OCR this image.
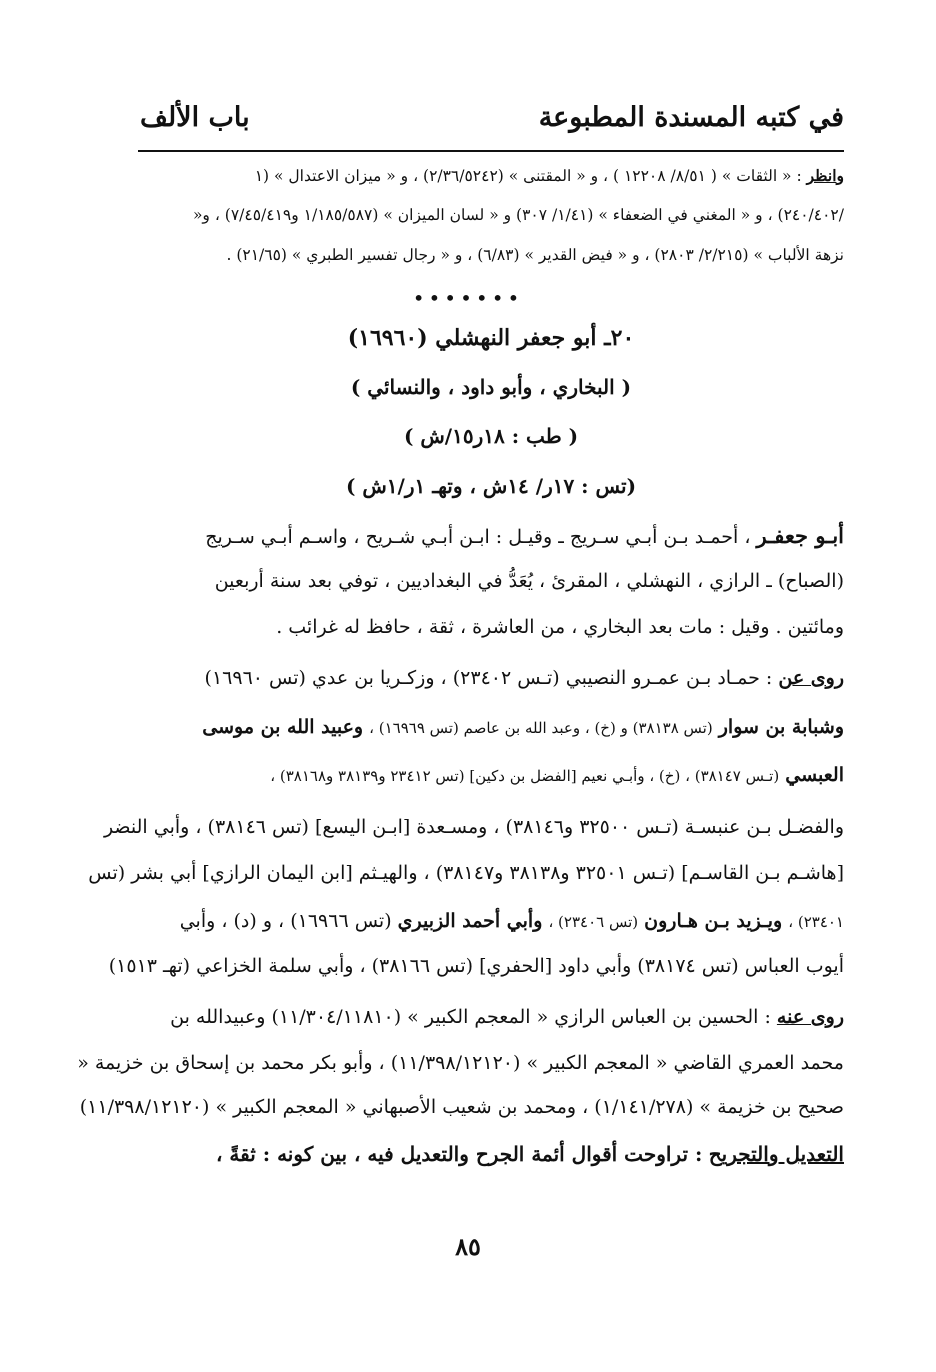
في كتبه المسندة المطبوعة
باب الألف
وانظر : « الثقات » ( ٨/٥١/ ١٢٢٠٨ ) ، و « المقتنى » (٢/٣٦/٥٢٤٢) ، و « ميزان الاعتدال » (١
/٢٤٠/٤٠٢) ، و « المغني في الضعفاء » (١/٤١/ ٣٠٧) و « لسان الميزان » (١/١٨٥/٥٨٧ و٧/٤٥/٤١٩) ، و«
نزهة الألباب » (٢/٢١٥/ ٢٨٠٣) ، و « فيض القدير » (٦/٨٣) ، و « رجال تفسير الطبري » (٢١/٦٥) .
•••••••
٢٠ـ أبو جعفر النهشلي (١٦٩٦٠)
( البخاري ، وأبو داود ، والنسائي )
( طب : ١٨ر١٥/ش )
(تس : ١٧ر/ ١٤ش ، وتهـ ١ر/١ش )
أبـو جعفـر ، أحمـد بـن أبـي سـريج ـ وقيـل : ابـن أبـي شـريح ، واسـم أبـي سـريج
(الصباح) ـ الرازي ، النهشلي ، المقرئ ، يُعَدُّ في البغداديين ، توفي بعد سنة أربعين
ومائتين . وقيل : مات بعد البخاري ، من العاشرة ، ثقة ، حافظ له غرائب .
روى عن : حمـاد بـن عمـرو النصيبي (تـس ٢٣٤٠٢) ، وزكـريا بن عدي (تس ١٦٩٦٠)
وشبابة بن سوار (تس ٣٨١٣٨) و (خ) ، وعبد الله بن عاصم (تس ١٦٩٦٩) ، وعبيد الله بن موسى
العبسي (تـس ٣٨١٤٧) ، (خ) ، وأبـي نعيم [الفضل بن دكين] (تس ٢٣٤١٢ و٣٨١٣٩ و٣٨١٦٨) ،
والفضـل بـن عنبسـة (تـس ٣٢٥٠٠ و٣٨١٤٦) ، ومسـعدة [ابـن اليسع] (تس ٣٨١٤٦) ، وأبي النضر
[هاشـم بـن القاسـم] (تـس ٣٢٥٠١ و٣٨١٣٨ و٣٨١٤٧) ، والهيـثم [ابن اليمان الرازي] أبي بشر (تس
٢٣٤٠١) ، ويـزيد بـن هـارون (تس ٢٣٤٠٦) ، وأبي أحمد الزبيري (تس ١٦٩٦٦) ، و (د) ، وأبي
أيوب العباس (تس ٣٨١٧٤) وأبي داود [الحفري] (تس ٣٨١٦٦) ، وأبي سلمة الخزاعي (تهـ ١٥١٣)
روى عنه : الحسين بن العباس الرازي « المعجم الكبير » (١١/٣٠٤/١١٨١٠) وعبيدالله بن
محمد العمري القاضي « المعجم الكبير » (١١/٣٩٨/١٢١٢٠) ، وأبو بكر محمد بن إسحاق بن خزيمة «
صحيح بن خزيمة » (١/١٤١/٢٧٨) ، ومحمد بن شعيب الأصبهاني « المعجم الكبير » (١١/٣٩٨/١٢١٢٠)
التعديل والتجريح : تراوحت أقوال أئمة الجرح والتعديل فيه ، بين كونه : ثقةً ،
٨٥
